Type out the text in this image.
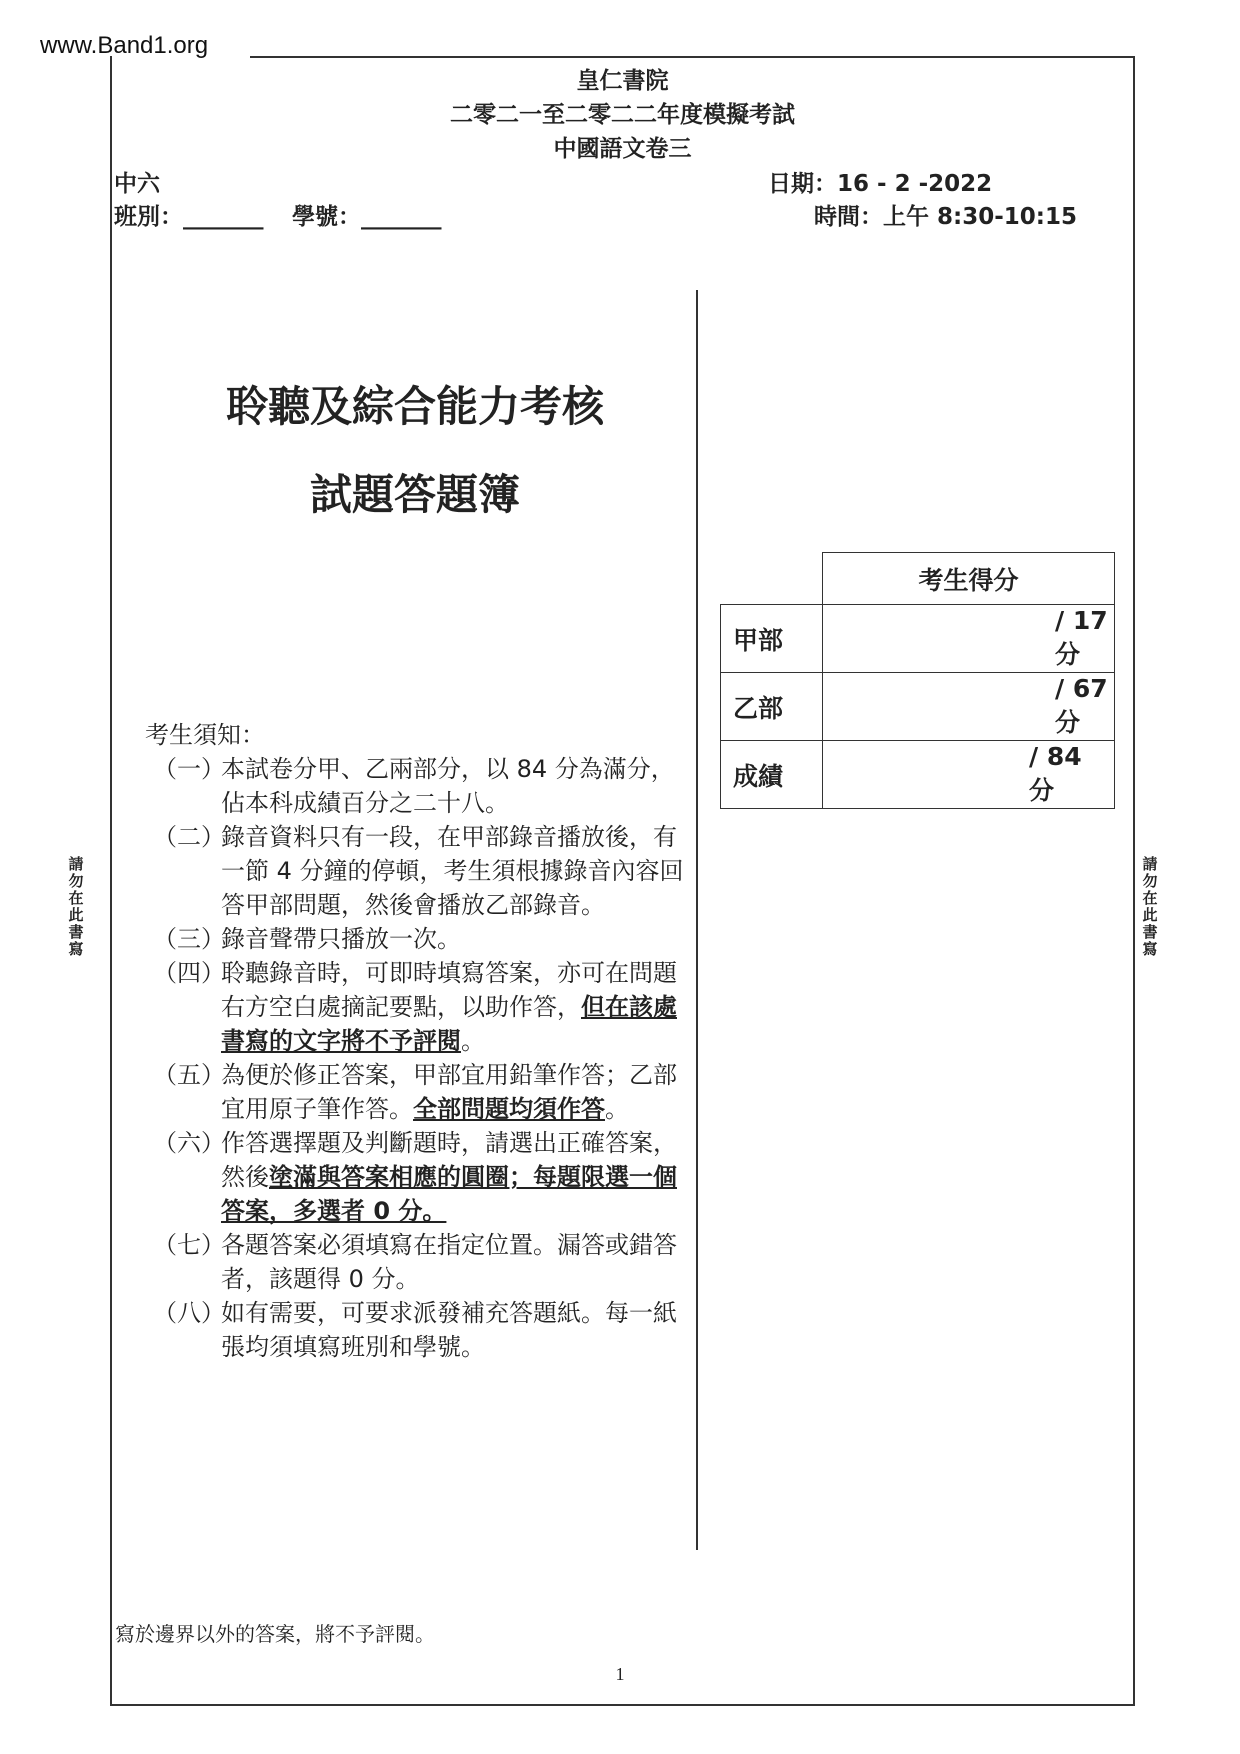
www.Band1.org
皇仁書院
二零二一至二零二二年度模擬考試
中國語文卷三
中六
班別：_______ 學號：_______
日期：16 - 2 -2022
時間：上午 8:30-10:15
聆聽及綜合能力考核
試題答題簿
	考生得分
甲部	/ 17 分
乙部	/ 67 分
成績	/ 84 分
考生須知：
（一）
本試卷分甲、乙兩部分，以 84 分為滿分，佔本科成績百分之二十八。
（二）
錄音資料只有一段，在甲部錄音播放後，有一節 4 分鐘的停頓，考生須根據錄音內容回答甲部問題，然後會播放乙部錄音。
（三）
錄音聲帶只播放一次。
（四）
聆聽錄音時，可即時填寫答案，亦可在問題右方空白處摘記要點，以助作答，但在該處書寫的文字將不予評閱。
（五）
為便於修正答案，甲部宜用鉛筆作答；乙部宜用原子筆作答。全部問題均須作答。
（六）
作答選擇題及判斷題時，請選出正確答案，然後塗滿與答案相應的圓圈；每題限選一個答案，多選者 0 分。
（七）
各題答案必須填寫在指定位置。漏答或錯答者，該題得 0 分。
（八）
如有需要，可要求派發補充答題紙。每一紙張均須填寫班別和學號。
請勿在此書寫
請勿在此書寫
寫於邊界以外的答案，將不予評閱。
1
